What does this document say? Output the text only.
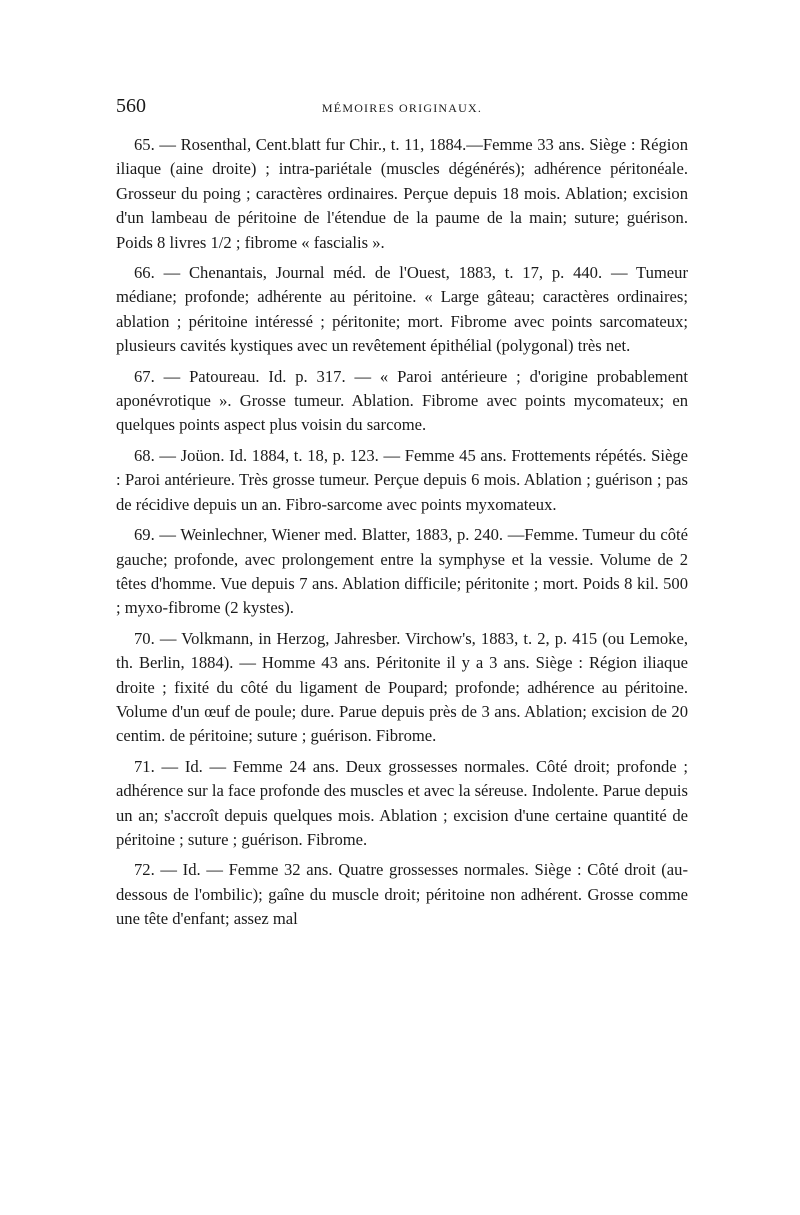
560	MÉMOIRES ORIGINAUX.

65. — Rosenthal, Cent.blatt fur Chir., t. 11, 1884.—Femme 33 ans. Siège : Région iliaque (aine droite) ; intra-pariétale (muscles dégénérés); adhérence péritonéale. Grosseur du poing ; caractères ordinaires. Perçue depuis 18 mois. Ablation; excision d'un lambeau de péritoine de l'étendue de la paume de la main; suture; guérison. Poids 8 livres 1/2 ; fibrome « fascialis ».

66. — Chenantais, Journal méd. de l'Ouest, 1883, t. 17, p. 440. — Tumeur médiane; profonde; adhérente au péritoine. « Large gâteau; caractères ordinaires; ablation ; péritoine intéressé ; péritonite; mort. Fibrome avec points sarcomateux; plusieurs cavités kystiques avec un revêtement épithélial (polygonal) très net.

67. — Patoureau. Id. p. 317. — « Paroi antérieure ; d'origine probablement aponévrotique ». Grosse tumeur. Ablation. Fibrome avec points mycomateux; en quelques points aspect plus voisin du sarcome.

68. — Joüon. Id. 1884, t. 18, p. 123. — Femme 45 ans. Frottements répétés. Siège : Paroi antérieure. Très grosse tumeur. Perçue depuis 6 mois. Ablation ; guérison ; pas de récidive depuis un an. Fibro-sarcome avec points myxomateux.

69. — Weinlechner, Wiener med. Blatter, 1883, p. 240. —Femme. Tumeur du côté gauche; profonde, avec prolongement entre la symphyse et la vessie. Volume de 2 têtes d'homme. Vue depuis 7 ans. Ablation difficile; péritonite ; mort. Poids 8 kil. 500 ; myxo-fibrome (2 kystes).

70. — Volkmann, in Herzog, Jahresber. Virchow's, 1883, t. 2, p. 415 (ou Lemoke, th. Berlin, 1884). — Homme 43 ans. Péritonite il y a 3 ans. Siège : Région iliaque droite ; fixité du côté du ligament de Poupard; profonde; adhérence au péritoine. Volume d'un œuf de poule; dure. Parue depuis près de 3 ans. Ablation; excision de 20 centim. de péritoine; suture ; guérison. Fibrome.

71. — Id. — Femme 24 ans. Deux grossesses normales. Côté droit; profonde ; adhérence sur la face profonde des muscles et avec la séreuse. Indolente. Parue depuis un an; s'accroît depuis quelques mois. Ablation ; excision d'une certaine quantité de péritoine ; suture ; guérison. Fibrome.

72. — Id. — Femme 32 ans. Quatre grossesses normales. Siège : Côté droit (au-dessous de l'ombilic); gaîne du muscle droit; péritoine non adhérent. Grosse comme une tête d'enfant; assez mal
